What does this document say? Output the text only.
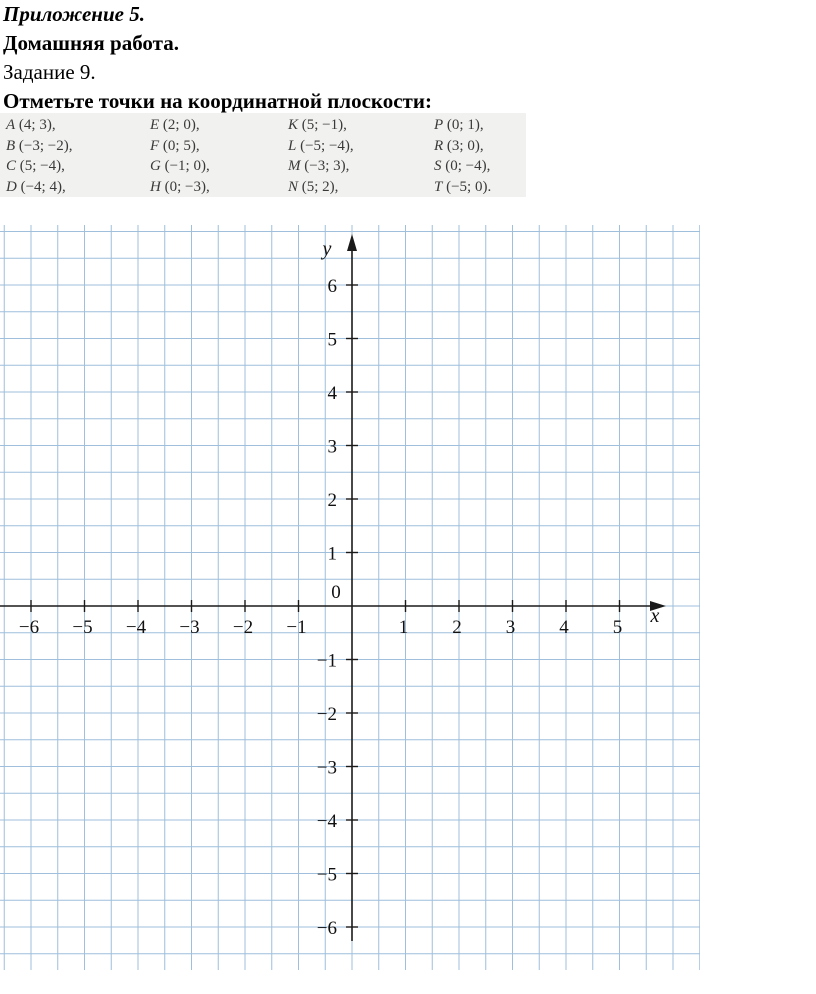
Приложение 5.
Домашняя работа.
Задание 9.
Отметьте точки на координатной плоскости:
A (4; 3),
B (−3; −2),
C (5; −4),
D (−4; 4),
E (2; 0),
F (0; 5),
G (−1; 0),
H (0; −3),
K (5; −1),
L (−5; −4),
M (−3; 3),
N (5; 2),
P (0; 1),
R (3; 0),
S (0; −4),
T (−5; 0).
−6 −5 −4 −3 −2 −1	1 2 3 4 5
6
5
4
3
2
1
−1
−2
−3
−4
−5
−6
0
x
y
